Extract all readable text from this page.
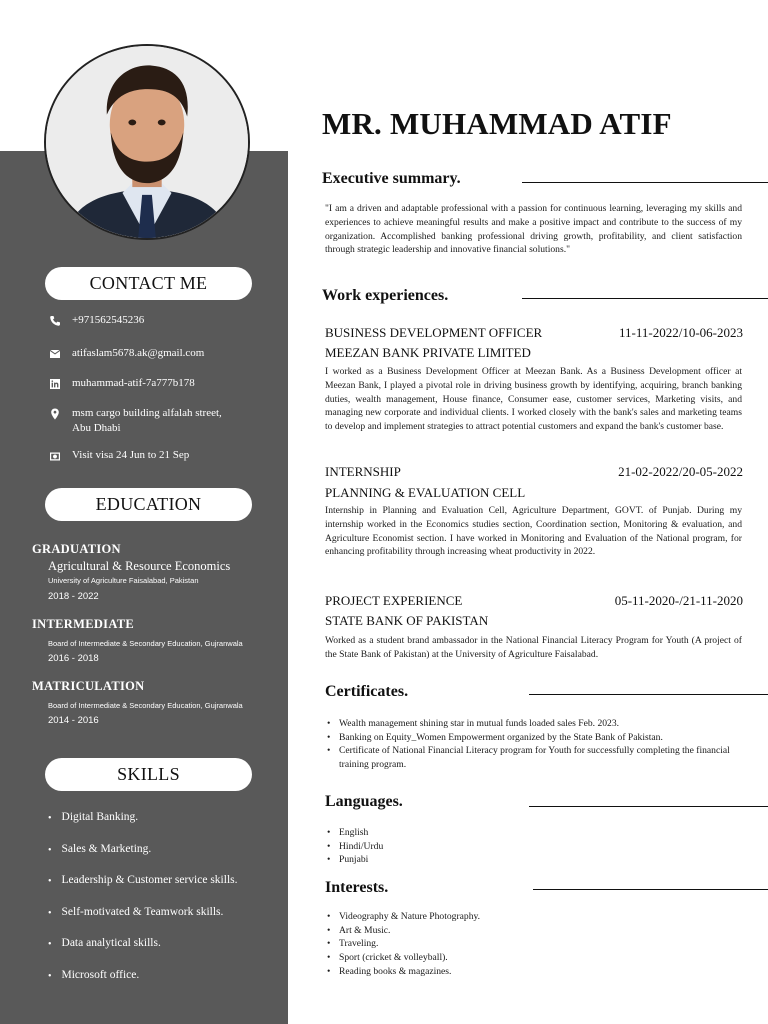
CONTACT ME
+971562545236
atifaslam5678.ak@gmail.com
muhammad-atif-7a777b178
msm cargo building alfalah street, Abu Dhabi
Visit visa 24 Jun to 21 Sep
EDUCATION
GRADUATION
Agricultural & Resource Economics
University of Agriculture Faisalabad, Pakistan
2018 - 2022
INTERMEDIATE
Board of Intermediate & Secondary Education, Gujranwala
2016 - 2018
MATRICULATION
Board of Intermediate & Secondary Education, Gujranwala
2014 - 2016
SKILLS
• Digital Banking.
• Sales & Marketing.
• Leadership & Customer service skills.
• Self-motivated & Teamwork skills.
• Data analytical skills.
• Microsoft office.
MR. MUHAMMAD ATIF
Executive summary.
"I am a driven and adaptable professional with a passion for continuous learning, leveraging my skills and experiences to achieve meaningful results and make a positive impact and contribute to the success of my organization. Accomplished banking professional driving growth, profitability, and client satisfaction through strategic leadership and innovative financial solutions."
Work experiences.
BUSINESS DEVELOPMENT OFFICER	11-11-2022/10-06-2023
MEEZAN BANK PRIVATE LIMITED
I worked as a Business Development Officer at Meezan Bank. As a Business Development officer at Meezan Bank, I played a pivotal role in driving business growth by identifying, acquiring, branch banking duties, wealth management, House finance, Consumer ease, customer services, Marketing visits, and managing new corporate and individual clients. I worked closely with the bank's sales and marketing teams to develop and implement strategies to attract potential customers and expand the bank's customer base.
INTERNSHIP	21-02-2022/20-05-2022
PLANNING & EVALUATION CELL
Internship in Planning and Evaluation Cell, Agriculture Department, GOVT. of Punjab. During my internship worked in the Economics studies section, Coordination section, Monitoring & evaluation, and Agriculture Economist section. I have worked in Monitoring and Evaluation of the National program, for enhancing profitability through increasing wheat productivity in 2022.
PROJECT EXPERIENCE	05-11-2020-/21-11-2020
STATE BANK OF PAKISTAN
Worked as a student brand ambassador in the National Financial Literacy Program for Youth (A project of the State Bank of Pakistan) at the University of Agriculture Faisalabad.
Certificates.
• Wealth management shining star in mutual funds loaded sales Feb. 2023.
• Banking on Equity_Women Empowerment organized by the State Bank of Pakistan.
• Certificate of National Financial Literacy program for Youth for successfully completing the financial training program.
Languages.
• English
• Hindi/Urdu
• Punjabi
Interests.
• Videography & Nature Photography.
• Art & Music.
• Traveling.
• Sport (cricket & volleyball).
• Reading books & magazines.
